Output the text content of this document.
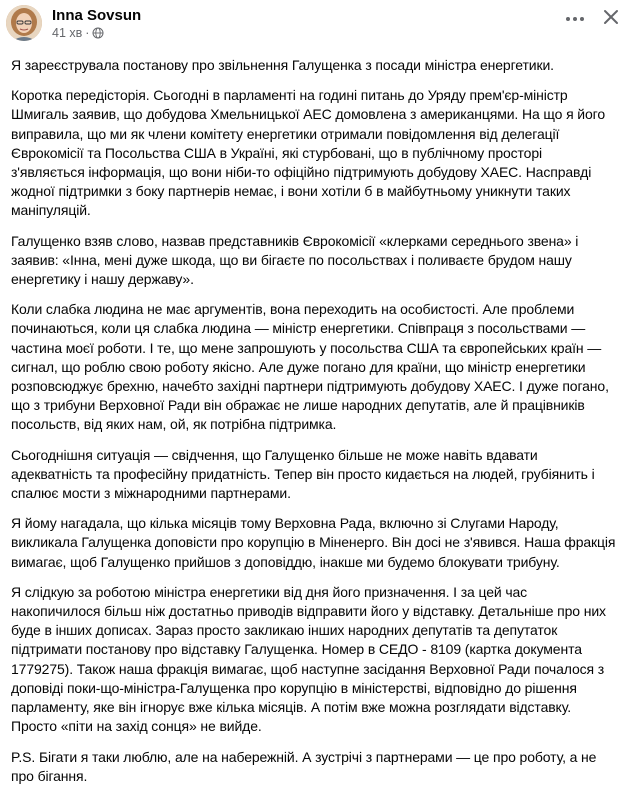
Inna Sovsun
41 хв ·

Я зареєструвала постанову про звільнення Галущенка з посади міністра енергетики.

Коротка передісторія. Сьогодні в парламенті на годині питань до Уряду прем'єр-міністр Шмигаль заявив, що добудова Хмельницької АЕС домовлена з американцями. На що я його виправила, що ми як члени комітету енергетики отримали повідомлення від делегації Єврокомісії та Посольства США в Україні, які стурбовані, що в публічному просторі з'являється інформація, що вони ніби-то офіційно підтримують добудову ХАЕС. Насправді жодної підтримки з боку партнерів немає, і вони хотіли б в майбутньому уникнути таких маніпуляцій.

Галущенко взяв слово, назвав представників Єврокомісії «клерками середнього звена» і заявив: «Інна, мені дуже шкода, що ви бігаєте по посольствах і поливаєте брудом нашу енергетику і нашу державу».

Коли слабка людина не має аргументів, вона переходить на особистості. Але проблеми починаються, коли ця слабка людина — міністр енергетики. Співпраця з посольствами — частина моєї роботи. І те, що мене запрошують у посольства США та європейських країн — сигнал, що роблю свою роботу якісно. Але дуже погано для країни, що міністр енергетики розповсюджує брехню, начебто західні партнери підтримують добудову ХАЕС. І дуже погано, що з трибуни Верховної Ради він ображає не лише народних депутатів, але й працівників посольств, від яких нам, ой, як потрібна підтримка.

Сьогоднішня ситуація — свідчення, що Галущенко більше не може навіть вдавати адекватність та професійну придатність. Тепер він просто кидається на людей, грубіянить і спалює мости з міжнародними партнерами.

Я йому нагадала, що кілька місяців тому Верховна Рада, включно зі Слугами Народу, викликала Галущенка доповісти про корупцію в Міненерго. Він досі не з'явився. Наша фракція вимагає, щоб Галущенко прийшов з доповіддю, інакше ми будемо блокувати трибуну.

Я слідкую за роботою міністра енергетики від дня його призначення. І за цей час накопичилося більш ніж достатньо приводів відправити його у відставку. Детальніше про них буде в інших дописах. Зараз просто закликаю інших народних депутатів та депутаток підтримати постанову про відставку Галущенка. Номер в СЕДО - 8109 (картка документа 1779275). Також наша фракція вимагає, щоб наступне засідання Верховної Ради почалося з доповіді поки-що-міністра-Галущенка про корупцію в міністерстві, відповідно до рішення парламенту, яке він ігнорує вже кілька місяців. А потім вже можна розглядати відставку. Просто «піти на захід сонця» не вийде.

P.S. Бігати я таки люблю, але на набережній. А зустрічі з партнерами — це про роботу, а не про бігання.
